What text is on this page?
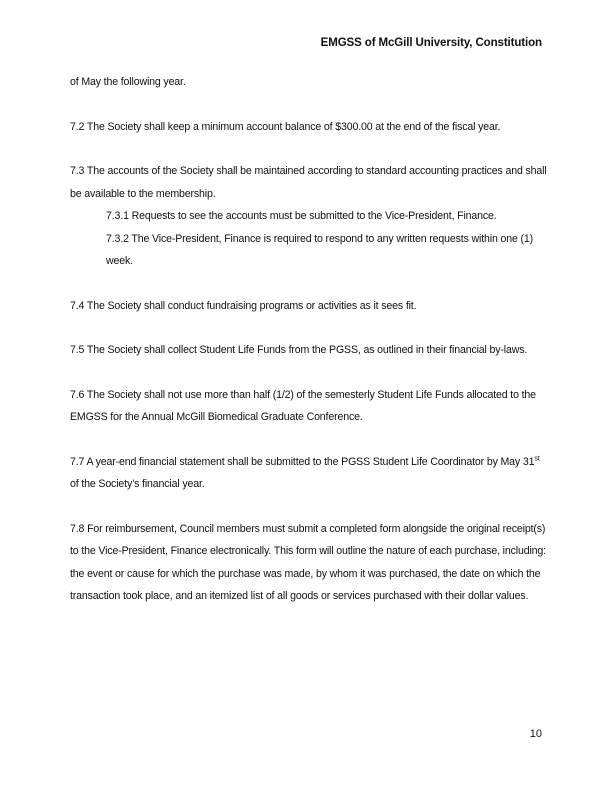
EMGSS of McGill University, Constitution

of May the following year.

7.2 The Society shall keep a minimum account balance of $300.00 at the end of the fiscal year.

7.3 The accounts of the Society shall be maintained according to standard accounting practices and shall be available to the membership.

7.3.1 Requests to see the accounts must be submitted to the Vice-President, Finance.

7.3.2 The Vice-President, Finance is required to respond to any written requests within one (1) week.

7.4 The Society shall conduct fundraising programs or activities as it sees fit.

7.5 The Society shall collect Student Life Funds from the PGSS, as outlined in their financial by-laws.

7.6 The Society shall not use more than half (1/2) of the semesterly Student Life Funds allocated to the EMGSS for the Annual McGill Biomedical Graduate Conference.

7.7 A year-end financial statement shall be submitted to the PGSS Student Life Coordinator by May 31st of the Society’s financial year.

7.8 For reimbursement, Council members must submit a completed form alongside the original receipt(s) to the Vice-President, Finance electronically. This form will outline the nature of each purchase, including: the event or cause for which the purchase was made, by whom it was purchased, the date on which the transaction took place, and an itemized list of all goods or services purchased with their dollar values.

10
